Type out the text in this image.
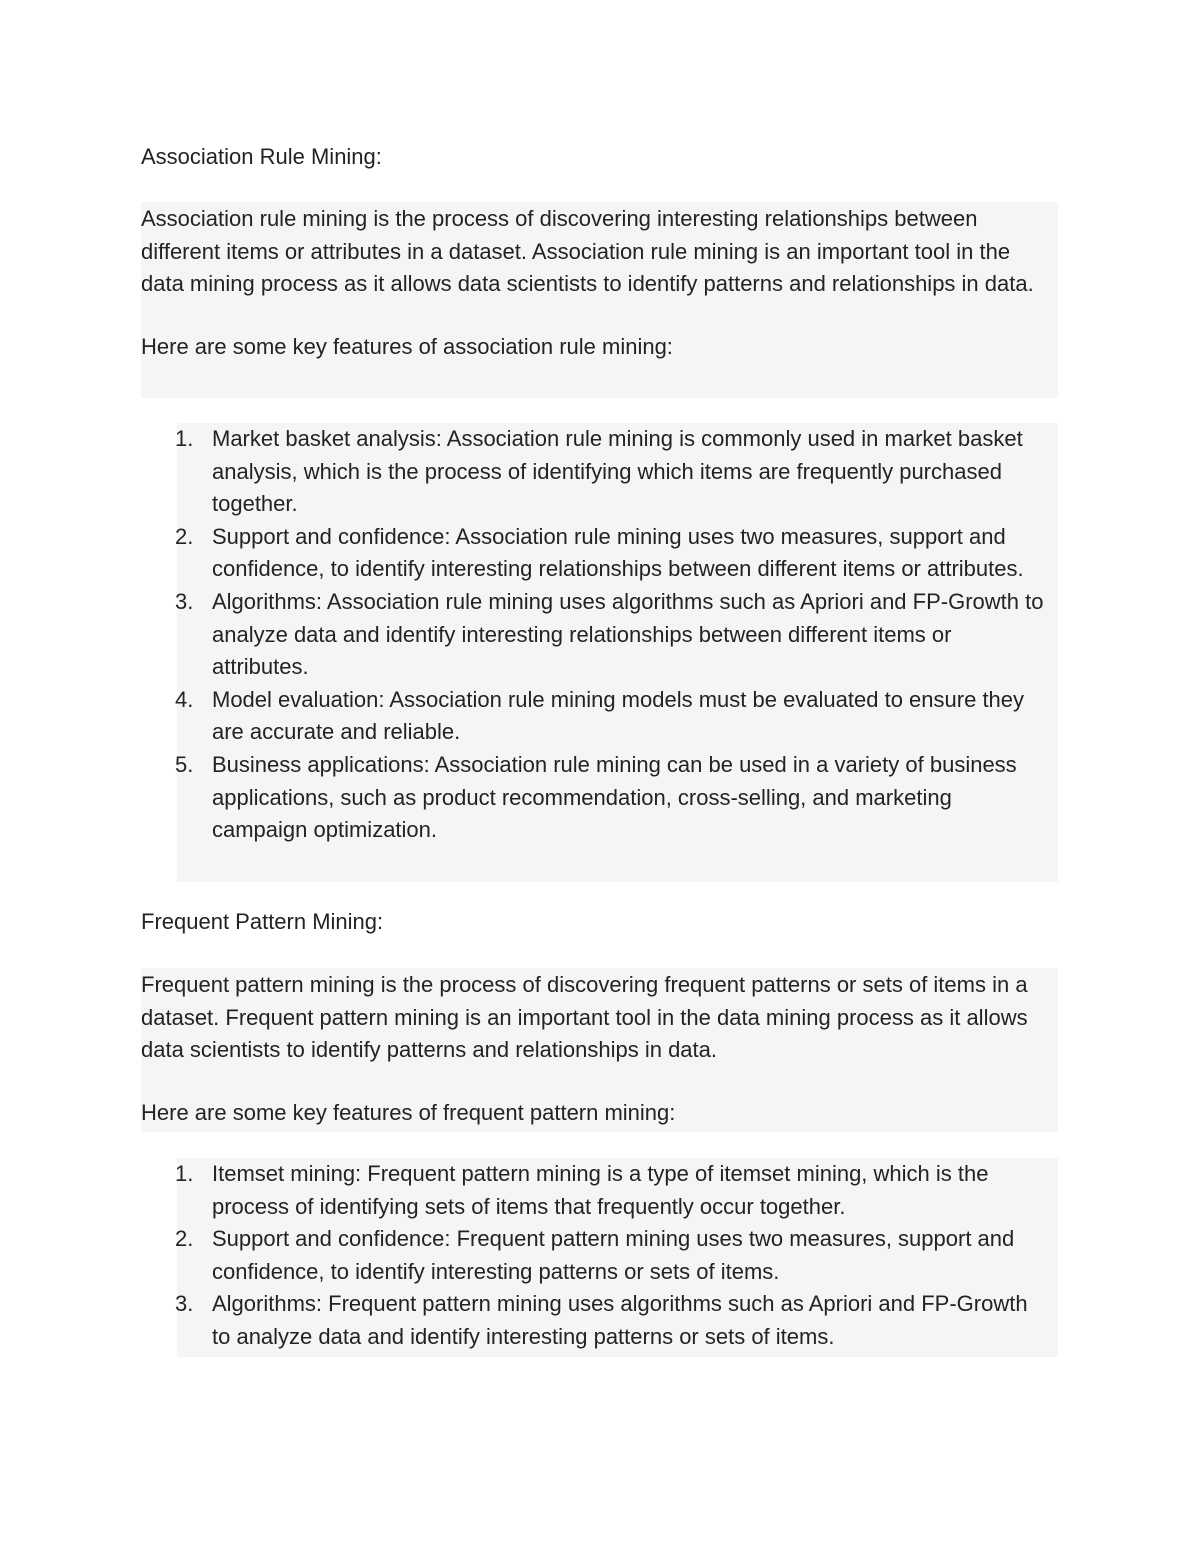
Association Rule Mining:

Association rule mining is the process of discovering interesting relationships between different items or attributes in a dataset. Association rule mining is an important tool in the data mining process as it allows data scientists to identify patterns and relationships in data.

Here are some key features of association rule mining:

1. Market basket analysis: Association rule mining is commonly used in market basket analysis, which is the process of identifying which items are frequently purchased together.
2. Support and confidence: Association rule mining uses two measures, support and confidence, to identify interesting relationships between different items or attributes.
3. Algorithms: Association rule mining uses algorithms such as Apriori and FP-Growth to analyze data and identify interesting relationships between different items or attributes.
4. Model evaluation: Association rule mining models must be evaluated to ensure they are accurate and reliable.
5. Business applications: Association rule mining can be used in a variety of business applications, such as product recommendation, cross-selling, and marketing campaign optimization.
Frequent Pattern Mining:

Frequent pattern mining is the process of discovering frequent patterns or sets of items in a dataset. Frequent pattern mining is an important tool in the data mining process as it allows data scientists to identify patterns and relationships in data.

Here are some key features of frequent pattern mining:

1. Itemset mining: Frequent pattern mining is a type of itemset mining, which is the process of identifying sets of items that frequently occur together.
2. Support and confidence: Frequent pattern mining uses two measures, support and confidence, to identify interesting patterns or sets of items.
3. Algorithms: Frequent pattern mining uses algorithms such as Apriori and FP-Growth to analyze data and identify interesting patterns or sets of items.
